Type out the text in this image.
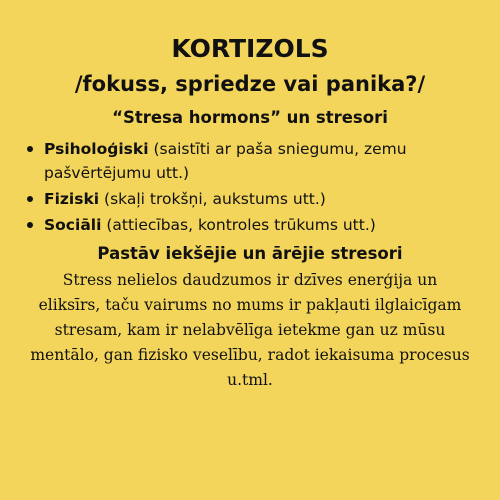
KORTIZOLS
/fokuss, spriedze vai panika?/
“Stresa hormons” un stresori
Psiholoģiski (saistīti ar paša sniegumu, zemu pašvērtējumu utt.)
Fiziski (skaļi trokšņi, aukstums utt.)
Sociāli (attiecības, kontroles trūkums utt.)
Pastāv iekšējie un ārējie stresori

Stress nelielos daudzumos ir dzīves enerģija un eliksīrs, taču vairums no mums ir pakļauti ilglaicīgam stresam, kam ir nelabvēlīga ietekme gan uz mūsu mentālo, gan fizisko veselību, radot iekaisuma procesus u.tml.
